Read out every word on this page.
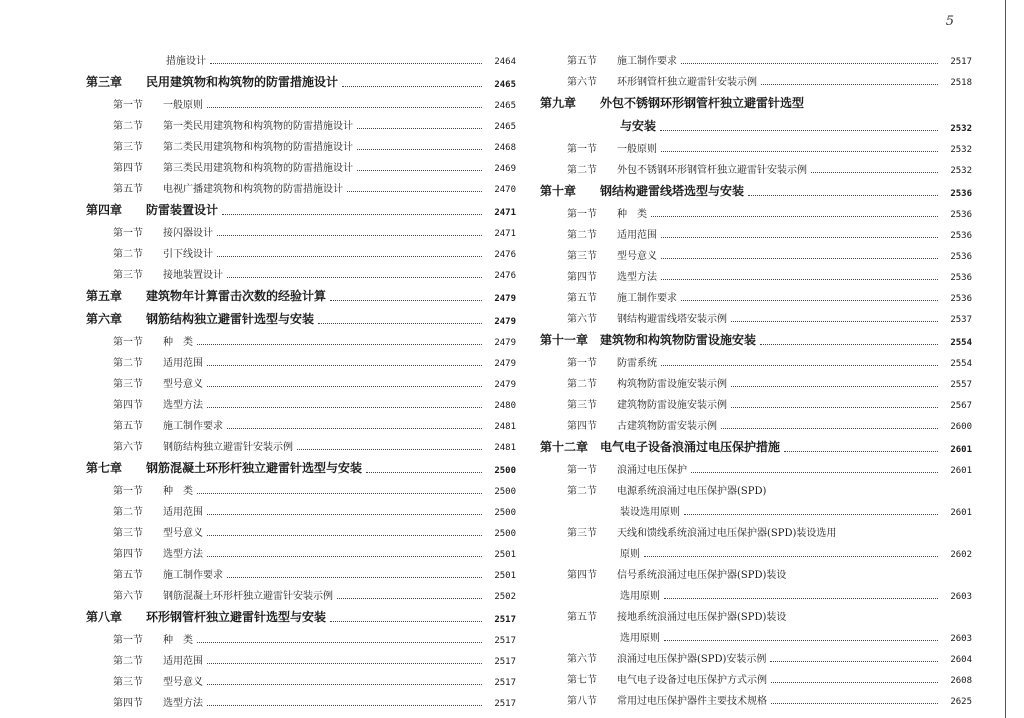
5
措施设计	2464
第三章	民用建筑物和构筑物的防雷措施设计	2465
第一节	一般原则	2465
第二节	第一类民用建筑物和构筑物的防雷措施设计	2465
第三节	第二类民用建筑物和构筑物的防雷措施设计	2468
第四节	第三类民用建筑物和构筑物的防雷措施设计	2469
第五节	电视广播建筑物和构筑物的防雷措施设计	2470
第四章	防雷装置设计	2471
第一节	接闪器设计	2471
第二节	引下线设计	2476
第三节	接地装置设计	2476
第五章	建筑物年计算雷击次数的经验计算	2479
第六章	钢筋结构独立避雷针选型与安装	2479
第一节	种　类	2479
第二节	适用范围	2479
第三节	型号意义	2479
第四节	选型方法	2480
第五节	施工制作要求	2481
第六节	钢筋结构独立避雷针安装示例	2481
第七章	钢筋混凝土环形杆独立避雷针选型与安装	2500
第一节	种　类	2500
第二节	适用范围	2500
第三节	型号意义	2500
第四节	选型方法	2501
第五节	施工制作要求	2501
第六节	钢筋混凝土环形杆独立避雷针安装示例	2502
第八章	环形钢管杆独立避雷针选型与安装	2517
第一节	种　类	2517
第二节	适用范围	2517
第三节	型号意义	2517
第四节	选型方法	2517
第五节	施工制作要求	2517
第六节	环形钢管杆独立避雷针安装示例	2518
第九章	外包不锈钢环形钢管杆独立避雷针选型
与安装	2532
第一节	一般原则	2532
第二节	外包不锈钢环形钢管杆独立避雷针安装示例	2532
第十章	钢结构避雷线塔选型与安装	2536
第一节	种　类	2536
第二节	适用范围	2536
第三节	型号意义	2536
第四节	选型方法	2536
第五节	施工制作要求	2536
第六节	钢结构避雷线塔安装示例	2537
第十一章 建筑物和构筑物防雷设施安装	2554
第一节	防雷系统	2554
第二节	构筑物防雷设施安装示例	2557
第三节	建筑物防雷设施安装示例	2567
第四节	古建筑物防雷安装示例	2600
第十二章 电气电子设备浪涌过电压保护措施	2601
第一节	浪涌过电压保护	2601
第二节	电源系统浪涌过电压保护器(SPD)
装设选用原则	2601
第三节	天线和馈线系统浪涌过电压保护器(SPD)装设选用
原则	2602
第四节	信号系统浪涌过电压保护器(SPD)装设
选用原则	2603
第五节	接地系统浪涌过电压保护器(SPD)装设
选用原则	2603
第六节	浪涌过电压保护器(SPD)安装示例	2604
第七节	电气电子设备过电压保护方式示例	2608
第八节	常用过电压保护器件主要技术规格	2625
